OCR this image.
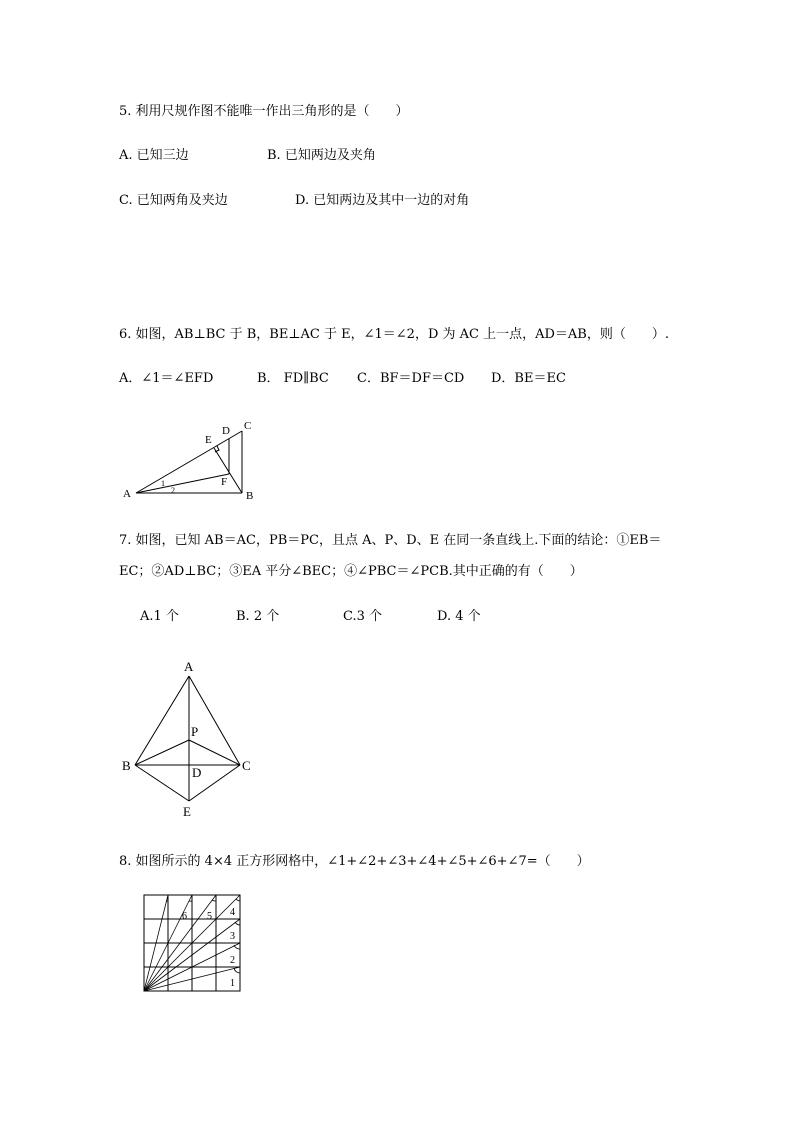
5. 利用尺规作图不能唯一作出三角形的是（　　）
A. 已知三边	B. 已知两边及夹角
C. 已知两角及夹边	D. 已知两边及其中一边的对角
6. 如图，AB⊥BC 于 B，BE⊥AC 于 E，∠1＝∠2，D 为 AC 上一点，AD＝AB，则（　　）.
A．∠1＝∠EFD	B． FD∥BC C．BF＝DF＝CD D．BE＝EC
A	B
C
D
E
F
1
2
7. 如图，已知 AB＝AC，PB＝PC，且点 A、P、D、E 在同一条直线上.下面的结论：①EB＝
EC；②AD⊥BC；③EA 平分∠BEC；④∠PBC＝∠PCB.其中正确的有（　　）
A.1 个	B. 2 个	C.3 个	D. 4 个
A
P
B	C
D
E
8. 如图所示的 4×4 正方形网格中，∠1+∠2+∠3+∠4+∠5+∠6+∠7=（　　）
1
2
3
4
5
6
